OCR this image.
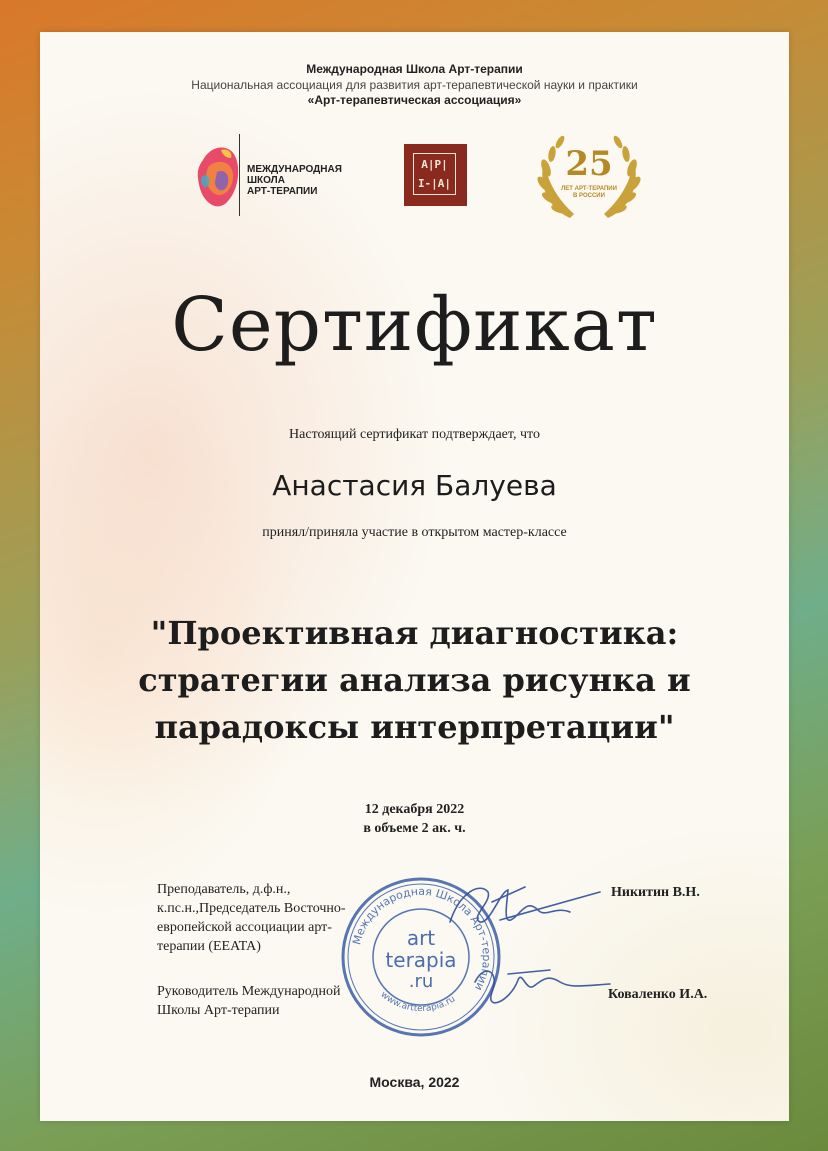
Международная Школа Арт-терапии
Национальная ассоциация для развития арт-терапевтической науки и практики
«Арт-терапевтическая ассоциация»
МЕЖДУНАРОДНАЯ
ШКОЛА
АРТ-ТЕРАПИИ
A|P|
I-|A|	25
ЛЕТ АРТ-ТЕРАПИИ
В РОССИИ
Сертификат
Настоящий сертификат подтверждает, что
Анастасия Балуева
принял/приняла участие в открытом мастер-классе
"Проективная диагностика:
стратегии анализа рисунка и
парадоксы интерпретации"
12 декабря 2022
в объеме 2 ак. ч.
Преподаватель, д.ф.н.,
к.пс.н.,Председатель Восточно-
европейской ассоциации арт-
терапии (EEATA)
Никитин В.Н.
Руководитель Международной
Школы Арт-терапии
Коваленко И.А.
Международная Школа Арт-терапии
www.artterapia.ru
art
terapia
.ru
Москва, 2022
